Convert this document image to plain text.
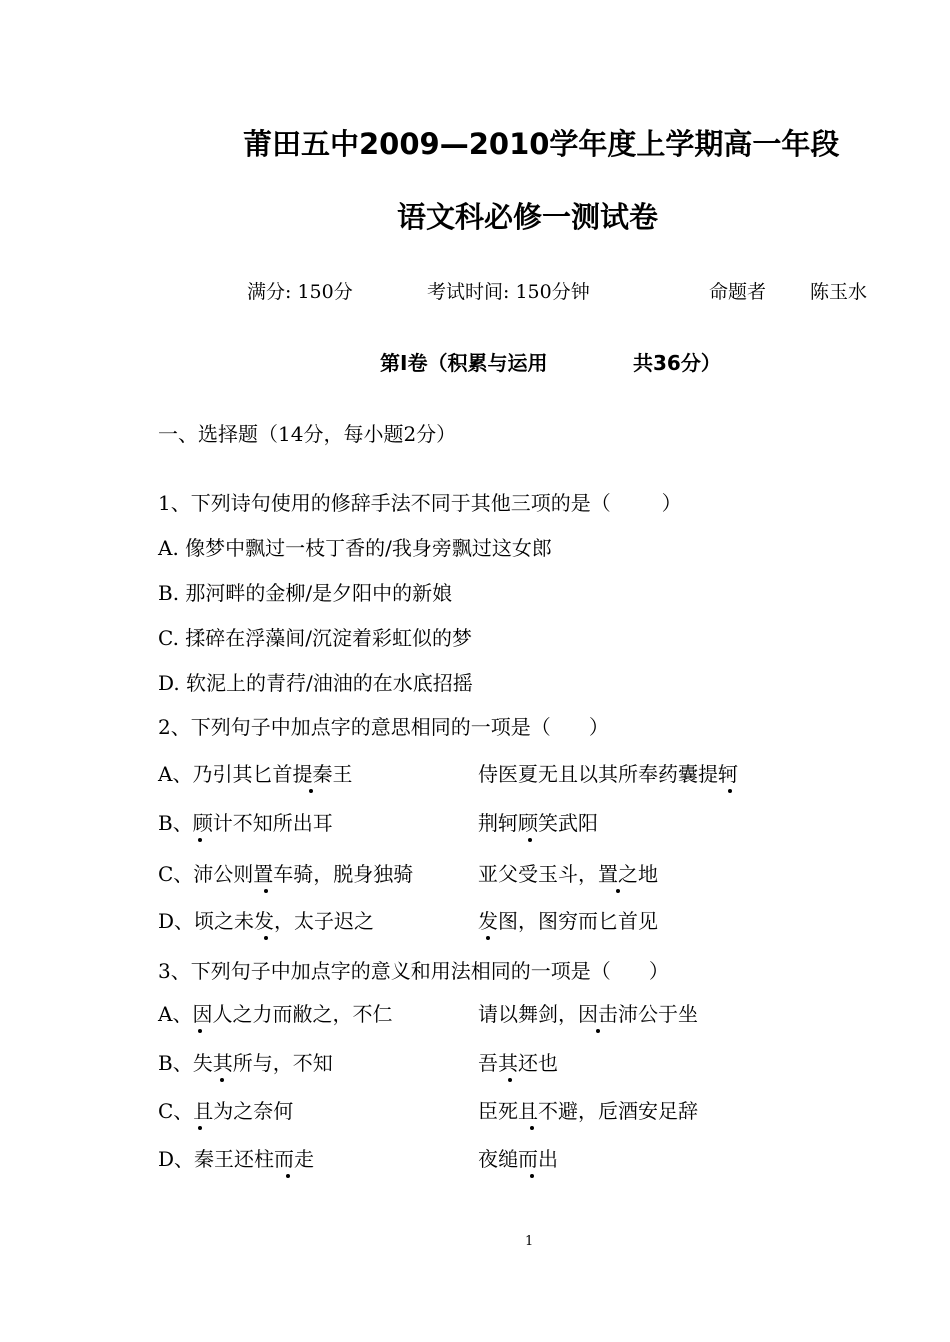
莆田五中2009—2010学年度上学期高一年段
语文科必修一测试卷
满分: 150分	考试时间: 150分钟	命题者 陈玉水
第Ⅰ卷（积累与运用	共36分）
一、选择题（14分，每小题2分）
1、下列诗句使用的修辞手法不同于其他三项的是（        ）
A. 像梦中飘过一枝丁香的/我身旁飘过这女郎
B. 那河畔的金柳/是夕阳中的新娘
C. 揉碎在浮藻间/沉淀着彩虹似的梦
D. 软泥上的青荇/油油的在水底招摇
2、下列句子中加点字的意思相同的一项是（      ）
A、乃引其匕首提秦王	侍医夏无且以其所奉药囊提轲
B、顾计不知所出耳	荆轲顾笑武阳
C、沛公则置车骑，脱身独骑	亚父受玉斗，置之地
D、顷之未发，太子迟之	发图，图穷而匕首见
3、下列句子中加点字的意义和用法相同的一项是（      ）
A、因人之力而敝之，不仁	请以舞剑，因击沛公于坐
B、失其所与，不知	吾其还也
C、且为之奈何	臣死且不避，卮酒安足辞
D、秦王还柱而走	夜缒而出
1
